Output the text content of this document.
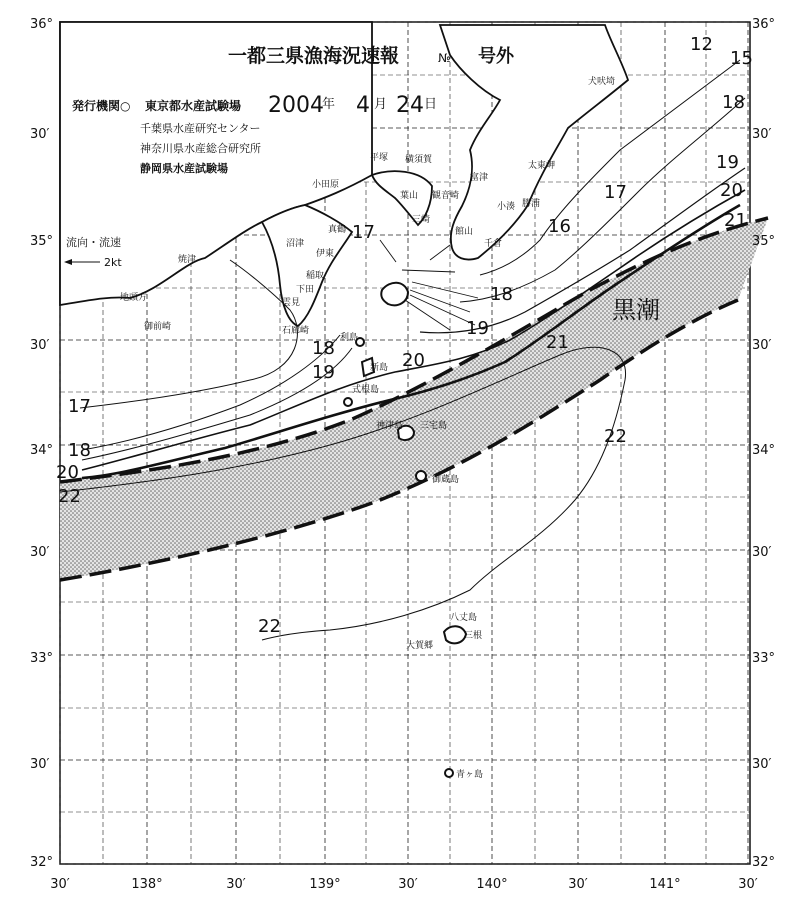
36°
30′
35°
30′
34°
30′
33°
30′
32°
36°
30′
35°
30′
34°
30′
33°
30′
32°
30′	138°	30′	139°	30′	140°	30′	141°	30′
一都三県漁海況速報	№ 号外
発行機関○ 東京都水産試験場
千葉県水産研究センター
神奈川県水産総合研究所
静岡県水産試験場
2004
年 4 月 24 日
流向・流速
2kt
黒潮
犬吠埼
富津
太東岬
勝浦
小湊
千倉
館山
三崎
葉山 観音崎
横須賀
平塚
小田原
真鶴
沼津
伊東
稲取
下田
雲見
石廊崎
焼津
地頭方
御前崎
利島
新島
式根島
神津島 三宅島
御蔵島
八丈島
大賀郷
三根
青ヶ島
12
15
18
19
20
21
17
16
18
19
20
21
17
18
19
17
18
20
22
22
22
